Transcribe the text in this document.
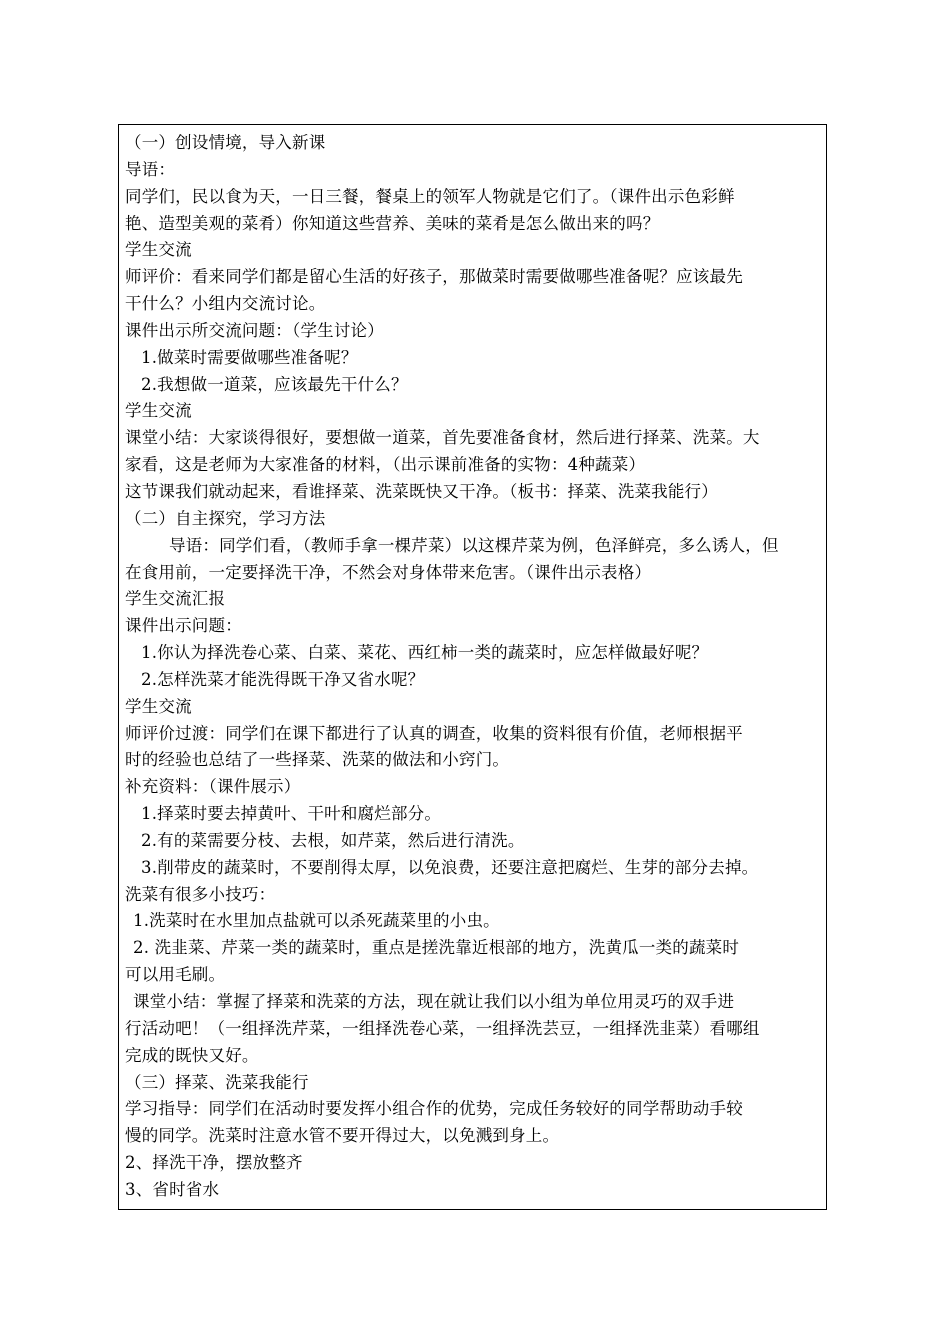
（一）创设情境，导入新课
导语：
同学们，民以食为天，一日三餐，餐桌上的领军人物就是它们了。（课件出示色彩鲜
艳、造型美观的菜肴）你知道这些营养、美味的菜肴是怎么做出来的吗？
学生交流
师评价：看来同学们都是留心生活的好孩子，那做菜时需要做哪些准备呢？应该最先
干什么？小组内交流讨论。
课件出示所交流问题：（学生讨论）
1.做菜时需要做哪些准备呢？
2.我想做一道菜，应该最先干什么？
学生交流
课堂小结：大家谈得很好，要想做一道菜，首先要准备食材，然后进行择菜、洗菜。大
家看，这是老师为大家准备的材料，（出示课前准备的实物：4种蔬菜）
这节课我们就动起来，看谁择菜、洗菜既快又干净。（板书：择菜、洗菜我能行）
（二）自主探究，学习方法
导语：同学们看，（教师手拿一棵芹菜）以这棵芹菜为例，色泽鲜亮，多么诱人，但
在食用前，一定要择洗干净，不然会对身体带来危害。（课件出示表格）
学生交流汇报
课件出示问题：
1.你认为择洗卷心菜、白菜、菜花、西红柿一类的蔬菜时，应怎样做最好呢？
2.怎样洗菜才能洗得既干净又省水呢？
学生交流
师评价过渡：同学们在课下都进行了认真的调查，收集的资料很有价值，老师根据平
时的经验也总结了一些择菜、洗菜的做法和小窍门。
补充资料：（课件展示）
1.择菜时要去掉黄叶、干叶和腐烂部分。
2.有的菜需要分枝、去根，如芹菜，然后进行清洗。
3.削带皮的蔬菜时，不要削得太厚，以免浪费，还要注意把腐烂、生芽的部分去掉。
洗菜有很多小技巧：
1.洗菜时在水里加点盐就可以杀死蔬菜里的小虫。
2. 洗韭菜、芹菜一类的蔬菜时，重点是搓洗靠近根部的地方，洗黄瓜一类的蔬菜时
可以用毛刷。
课堂小结：掌握了择菜和洗菜的方法，现在就让我们以小组为单位用灵巧的双手进
行活动吧！（一组择洗芹菜，一组择洗卷心菜，一组择洗芸豆，一组择洗韭菜）看哪组
完成的既快又好。
（三）择菜、洗菜我能行
学习指导：同学们在活动时要发挥小组合作的优势，完成任务较好的同学帮助动手较
慢的同学。洗菜时注意水管不要开得过大，以免溅到身上。
2、择洗干净，摆放整齐
3、省时省水
